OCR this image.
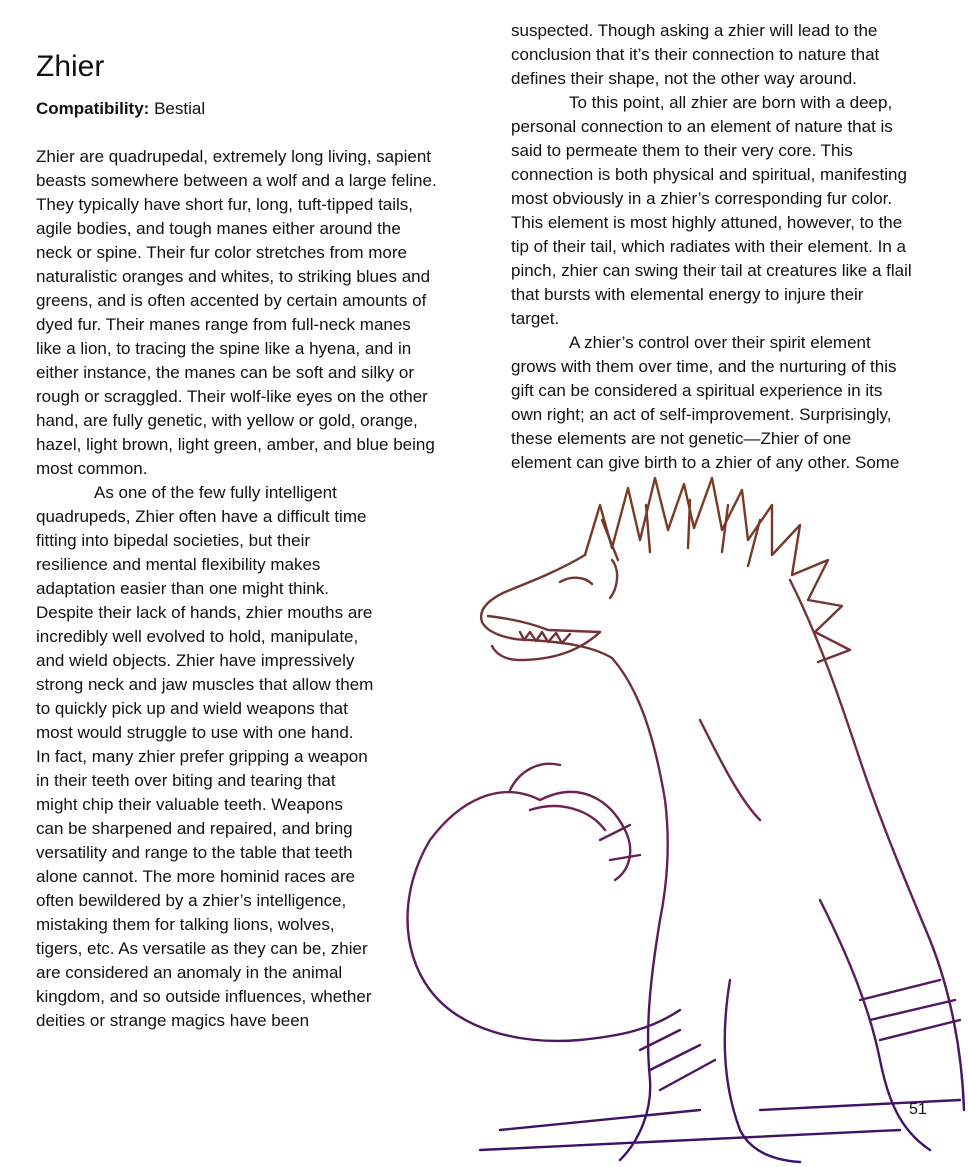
Zhier
Compatibility: Bestial
Zhier are quadrupedal, extremely long living, sapient
beasts somewhere between a wolf and a large feline.
They typically have short fur, long, tuft-tipped tails,
agile bodies, and tough manes either around the
neck or spine. Their fur color stretches from more
naturalistic oranges and whites, to striking blues and
greens, and is often accented by certain amounts of
dyed fur. Their manes range from full-neck manes
like a lion, to tracing the spine like a hyena, and in
either instance, the manes can be soft and silky or
rough or scraggled. Their wolf-like eyes on the other
hand, are fully genetic, with yellow or gold, orange,
hazel, light brown, light green, amber, and blue being
most common.
As one of the few fully intelligent
quadrupeds, Zhier often have a difficult time
fitting into bipedal societies, but their
resilience and mental flexibility makes
adaptation easier than one might think.
Despite their lack of hands, zhier mouths are
incredibly well evolved to hold, manipulate,
and wield objects. Zhier have impressively
strong neck and jaw muscles that allow them
to quickly pick up and wield weapons that
most would struggle to use with one hand.
In fact, many zhier prefer gripping a weapon
in their teeth over biting and tearing that
might chip their valuable teeth. Weapons
can be sharpened and repaired, and bring
versatility and range to the table that teeth
alone cannot. The more hominid races are
often bewildered by a zhier’s intelligence,
mistaking them for talking lions, wolves,
tigers, etc. As versatile as they can be, zhier
are considered an anomaly in the animal
kingdom, and so outside influences, whether
deities or strange magics have been
suspected. Though asking a zhier will lead to the
conclusion that it’s their connection to nature that
defines their shape, not the other way around.
To this point, all zhier are born with a deep,
personal connection to an element of nature that is
said to permeate them to their very core. This
connection is both physical and spiritual, manifesting
most obviously in a zhier’s corresponding fur color.
This element is most highly attuned, however, to the
tip of their tail, which radiates with their element. In a
pinch, zhier can swing their tail at creatures like a flail
that bursts with elemental energy to injure their
target.
A zhier’s control over their spirit element
grows with them over time, and the nurturing of this
gift can be considered a spiritual experience in its
own right; an act of self-improvement. Surprisingly,
these elements are not genetic—Zhier of one
element can give birth to a zhier of any other. Some
51
